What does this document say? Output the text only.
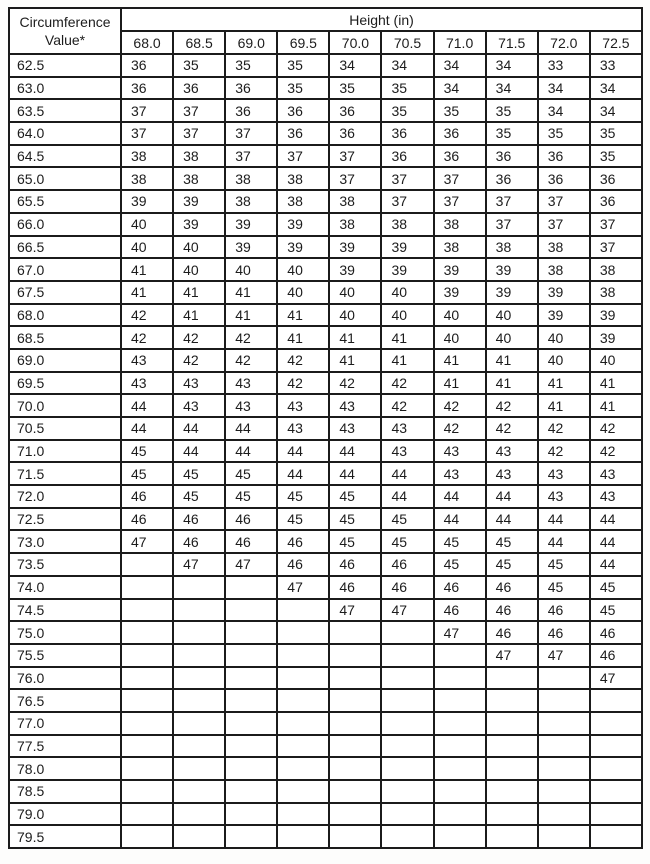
Circumference
Value*	Height (in)									
	68.0	68.5	69.0	69.5	70.0	70.5	71.0	71.5	72.0	72.5
62.5	36	35	35	35	34	34	34	34	33	33
63.0	36	36	36	35	35	35	34	34	34	34
63.5	37	37	36	36	36	35	35	35	34	34
64.0	37	37	37	36	36	36	36	35	35	35
64.5	38	38	37	37	37	36	36	36	36	35
65.0	38	38	38	38	37	37	37	36	36	36
65.5	39	39	38	38	38	37	37	37	37	36
66.0	40	39	39	39	38	38	38	37	37	37
66.5	40	40	39	39	39	39	38	38	38	37
67.0	41	40	40	40	39	39	39	39	38	38
67.5	41	41	41	40	40	40	39	39	39	38
68.0	42	41	41	41	40	40	40	40	39	39
68.5	42	42	42	41	41	41	40	40	40	39
69.0	43	42	42	42	41	41	41	41	40	40
69.5	43	43	43	42	42	42	41	41	41	41
70.0	44	43	43	43	43	42	42	42	41	41
70.5	44	44	44	43	43	43	42	42	42	42
71.0	45	44	44	44	44	43	43	43	42	42
71.5	45	45	45	44	44	44	43	43	43	43
72.0	46	45	45	45	45	44	44	44	43	43
72.5	46	46	46	45	45	45	44	44	44	44
73.0	47	46	46	46	45	45	45	45	44	44
73.5		47	47	46	46	46	45	45	45	44
74.0				47	46	46	46	46	45	45
74.5					47	47	46	46	46	45
75.0							47	46	46	46
75.5								47	47	46
76.0										47
76.5										
77.0										
77.5										
78.0										
78.5										
79.0										
79.5										
